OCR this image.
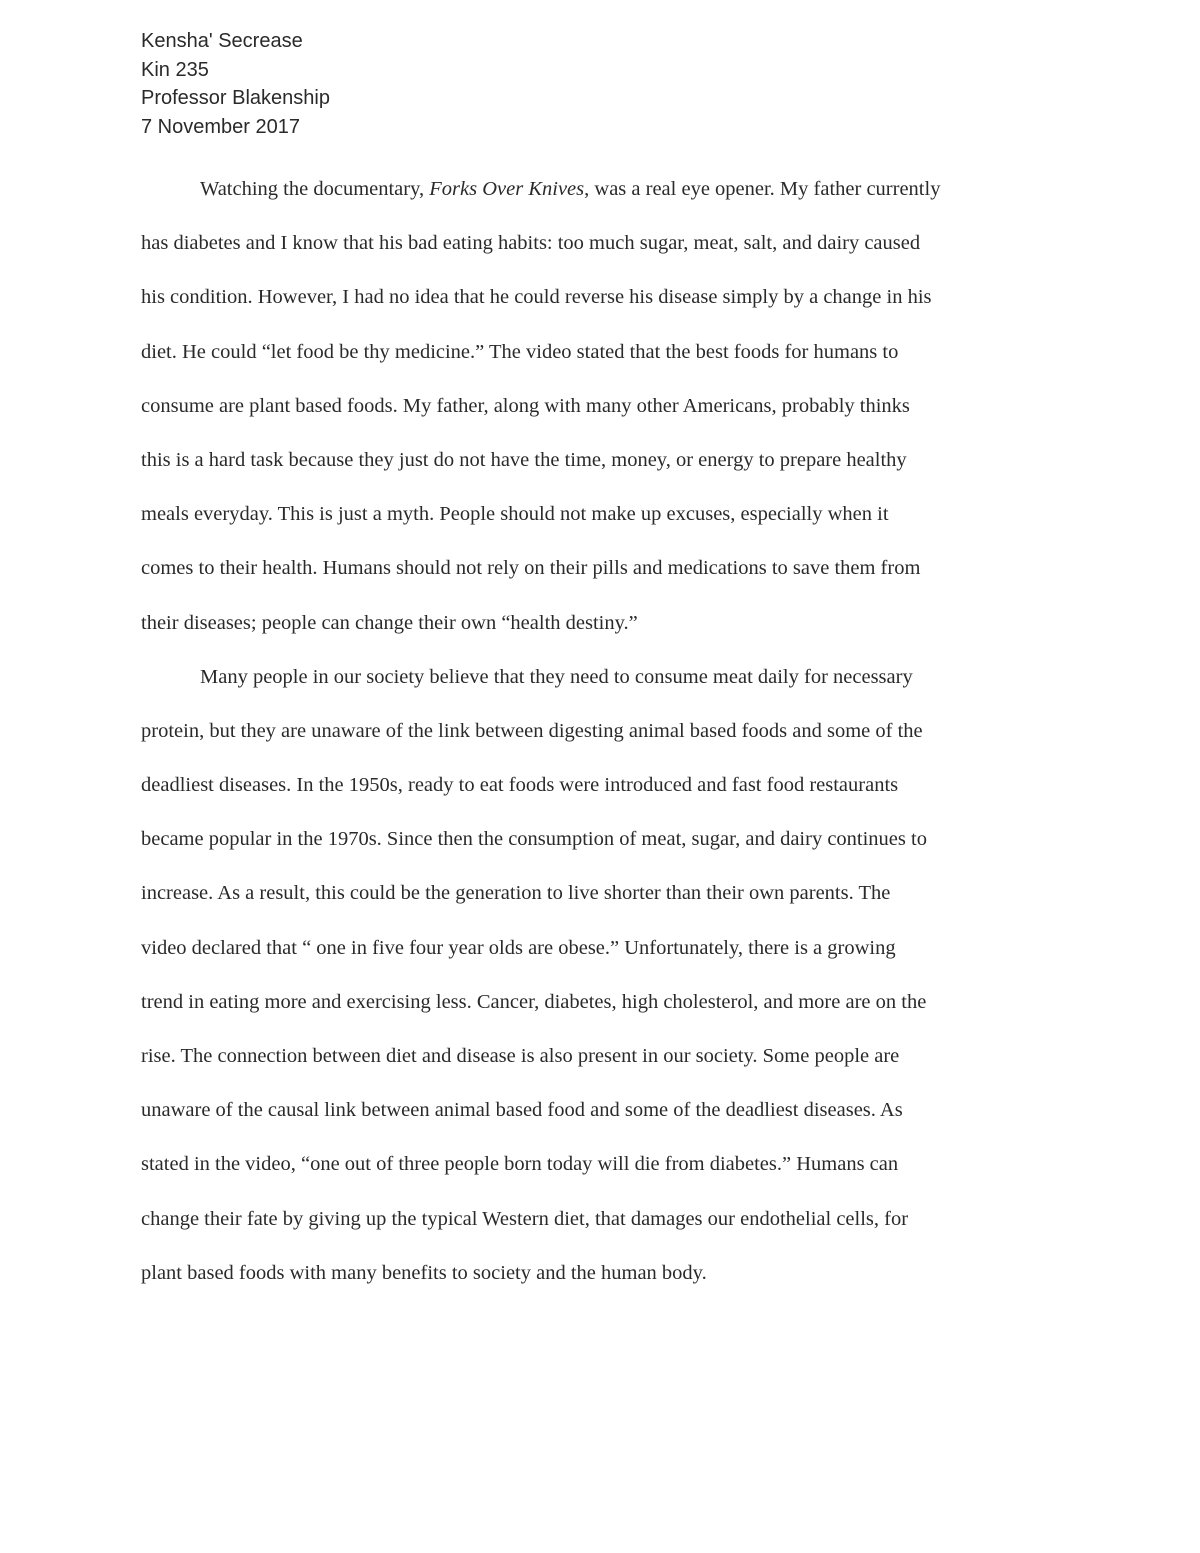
Kensha' Secrease
Kin 235
Professor Blakenship
7 November 2017
Watching the documentary, Forks Over Knives, was a real eye opener. My father currently
has diabetes and I know that his bad eating habits: too much sugar, meat, salt, and dairy caused
his condition. However, I had no idea that he could reverse his disease simply by a change in his
diet. He could “let food be thy medicine.” The video stated that the best foods for humans to
consume are plant based foods. My father, along with many other Americans, probably thinks
this is a hard task because they just do not have the time, money, or energy to prepare healthy
meals everyday. This is just a myth. People should not make up excuses, especially when it
comes to their health. Humans should not rely on their pills and medications to save them from
their diseases; people can change their own “health destiny.”
Many people in our society believe that they need to consume meat daily for necessary
protein, but they are unaware of the link between digesting animal based foods and some of the
deadliest diseases. In the 1950s, ready to eat foods were introduced and fast food restaurants
became popular in the 1970s. Since then the consumption of meat, sugar, and dairy continues to
increase. As a result, this could be the generation to live shorter than their own parents. The
video declared that “ one in five four year olds are obese.” Unfortunately, there is a growing
trend in eating more and exercising less. Cancer, diabetes, high cholesterol, and more are on the
rise. The connection between diet and disease is also present in our society. Some people are
unaware of the causal link between animal based food and some of the deadliest diseases. As
stated in the video, “one out of three people born today will die from diabetes.” Humans can
change their fate by giving up the typical Western diet, that damages our endothelial cells, for
plant based foods with many benefits to society and the human body.
